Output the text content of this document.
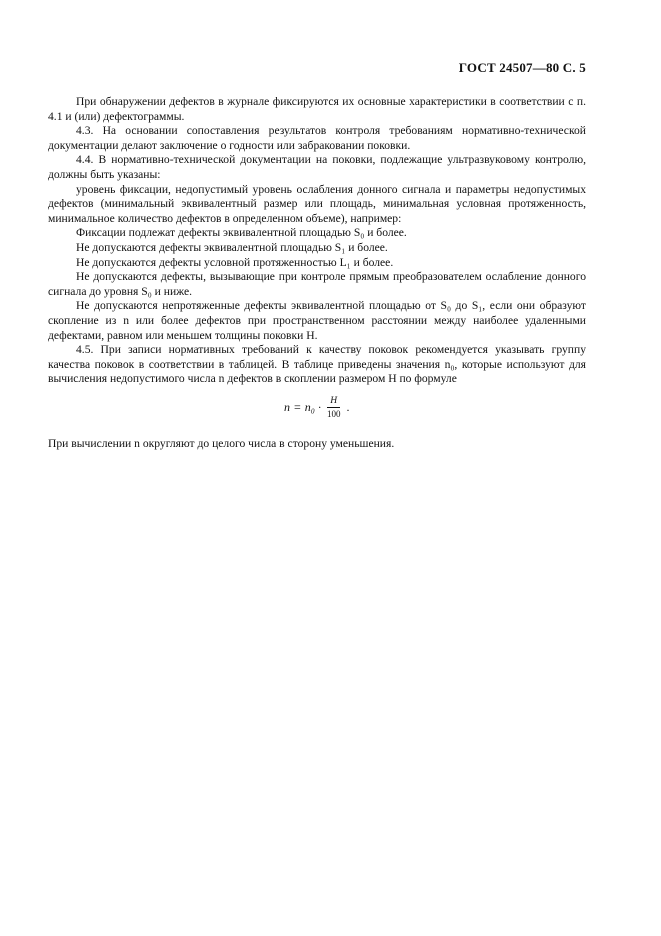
ГОСТ 24507—80 С. 5

При обнаружении дефектов в журнале фиксируются их основные характеристики в соответствии с п. 4.1 и (или) дефектограммы.

4.3. На основании сопоставления результатов контроля требованиям нормативно-технической документации делают заключение о годности или забраковании поковки.

4.4. В нормативно-технической документации на поковки, подлежащие ультразвуковому контролю, должны быть указаны:

уровень фиксации, недопустимый уровень ослабления донного сигнала и параметры недопустимых дефектов (минимальный эквивалентный размер или площадь, минимальная условная протяженность, минимальное количество дефектов в определенном объеме), например:

Фиксации подлежат дефекты эквивалентной площадью S₀ и более.

Не допускаются дефекты эквивалентной площадью S₁ и более.

Не допускаются дефекты условной протяженностью L₁ и более.

Не допускаются дефекты, вызывающие при контроле прямым преобразователем ослабление донного сигнала до уровня S₀ и ниже.

Не допускаются непротяженные дефекты эквивалентной площадью от S₀ до S₁, если они образуют скопление из n или более дефектов при пространственном расстоянии между наиболее удаленными дефектами, равном или меньшем толщины поковки H.

4.5. При записи нормативных требований к качеству поковок рекомендуется указывать группу качества поковок в соответствии в таблицей. В таблице приведены значения n₀, которые используют для вычисления недопустимого числа n дефектов в скоплении размером H по формуле

$n = n_0 \cdot \frac{H}{100}$ .

При вычислении n округляют до целого числа в сторону уменьшения.
